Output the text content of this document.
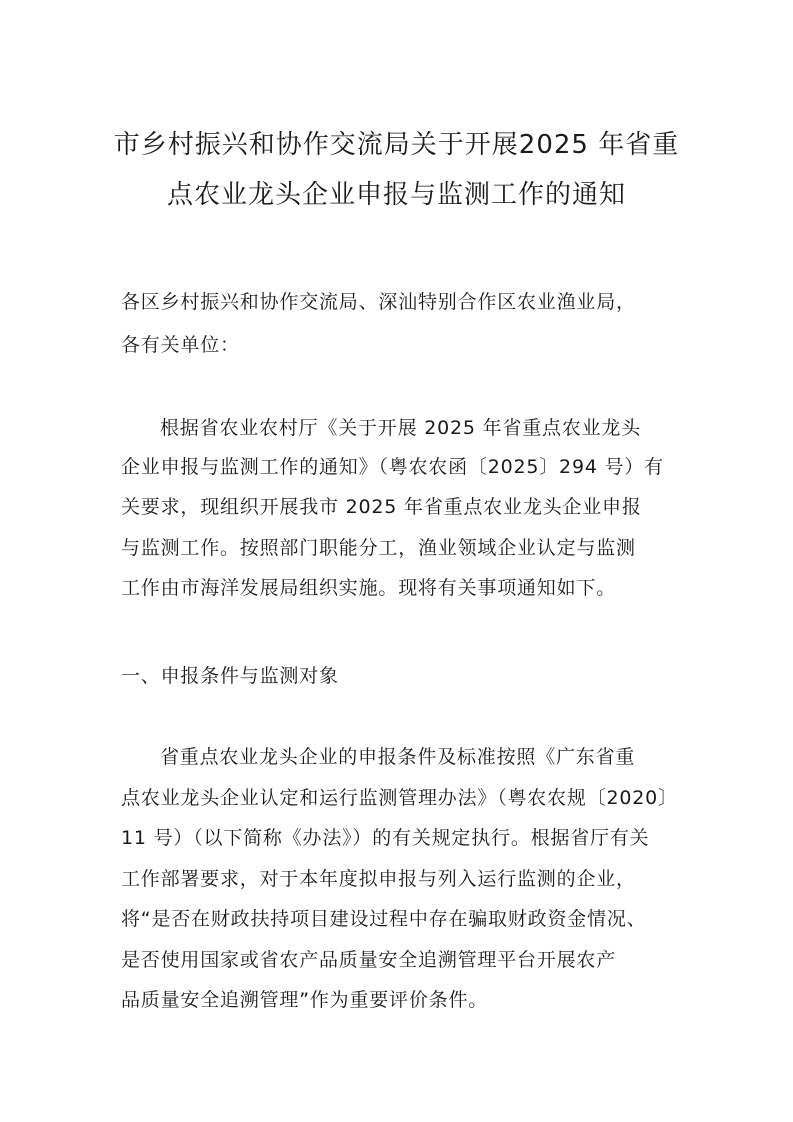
市乡村振兴和协作交流局关于开展2025 年省重
点农业龙头企业申报与监测工作的通知

各区乡村振兴和协作交流局、深汕特别合作区农业渔业局，

各有关单位：

根据省农业农村厅《关于开展 2025 年省重点农业龙头

企业申报与监测工作的通知》（粤农农函〔2025〕294 号）有

关要求，现组织开展我市 2025 年省重点农业龙头企业申报

与监测工作。按照部门职能分工，渔业领域企业认定与监测

工作由市海洋发展局组织实施。现将有关事项通知如下。

一、申报条件与监测对象

省重点农业龙头企业的申报条件及标准按照《广东省重

点农业龙头企业认定和运行监测管理办法》（粤农农规〔2020〕

11 号）（以下简称《办法》）的有关规定执行。根据省厅有关

工作部署要求，对于本年度拟申报与列入运行监测的企业，

将“是否在财政扶持项目建设过程中存在骗取财政资金情况、

是否使用国家或省农产品质量安全追溯管理平台开展农产

品质量安全追溯管理”作为重要评价条件。
